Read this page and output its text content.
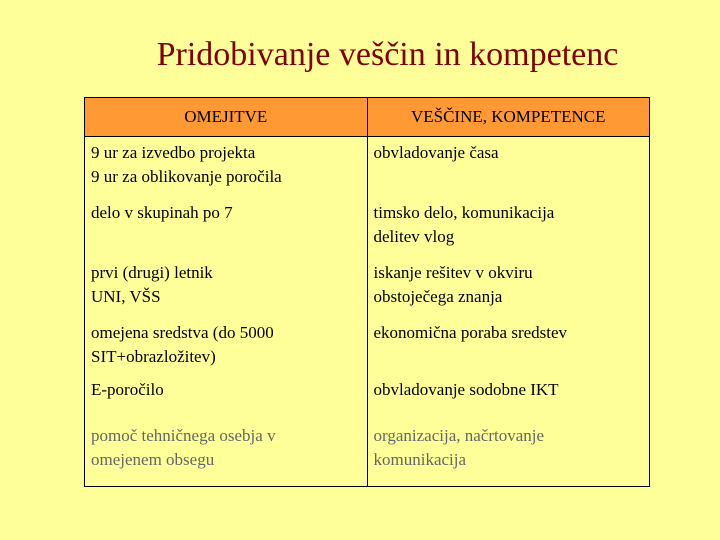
Pridobivanje veščin in kompetenc
OMEJITVE	VEŠČINE, KOMPETENCE

9 ur za izvedbo projekta
9 ur za oblikovanje poročila	obvladovanje časa

delo v skupinah po 7	timsko delo, komunikacija
delitev vlog

prvi (drugi) letnik
UNI, VŠS	iskanje rešitev v okviru
obstoječega znanja

omejena sredstva (do 5000
SIT+obrazložitev)	ekonomična poraba sredstev

E-poročilo	obvladovanje sodobne IKT

pomoč tehničnega osebja v
omejenem obsegu	organizacija, načrtovanje
komunikacija
